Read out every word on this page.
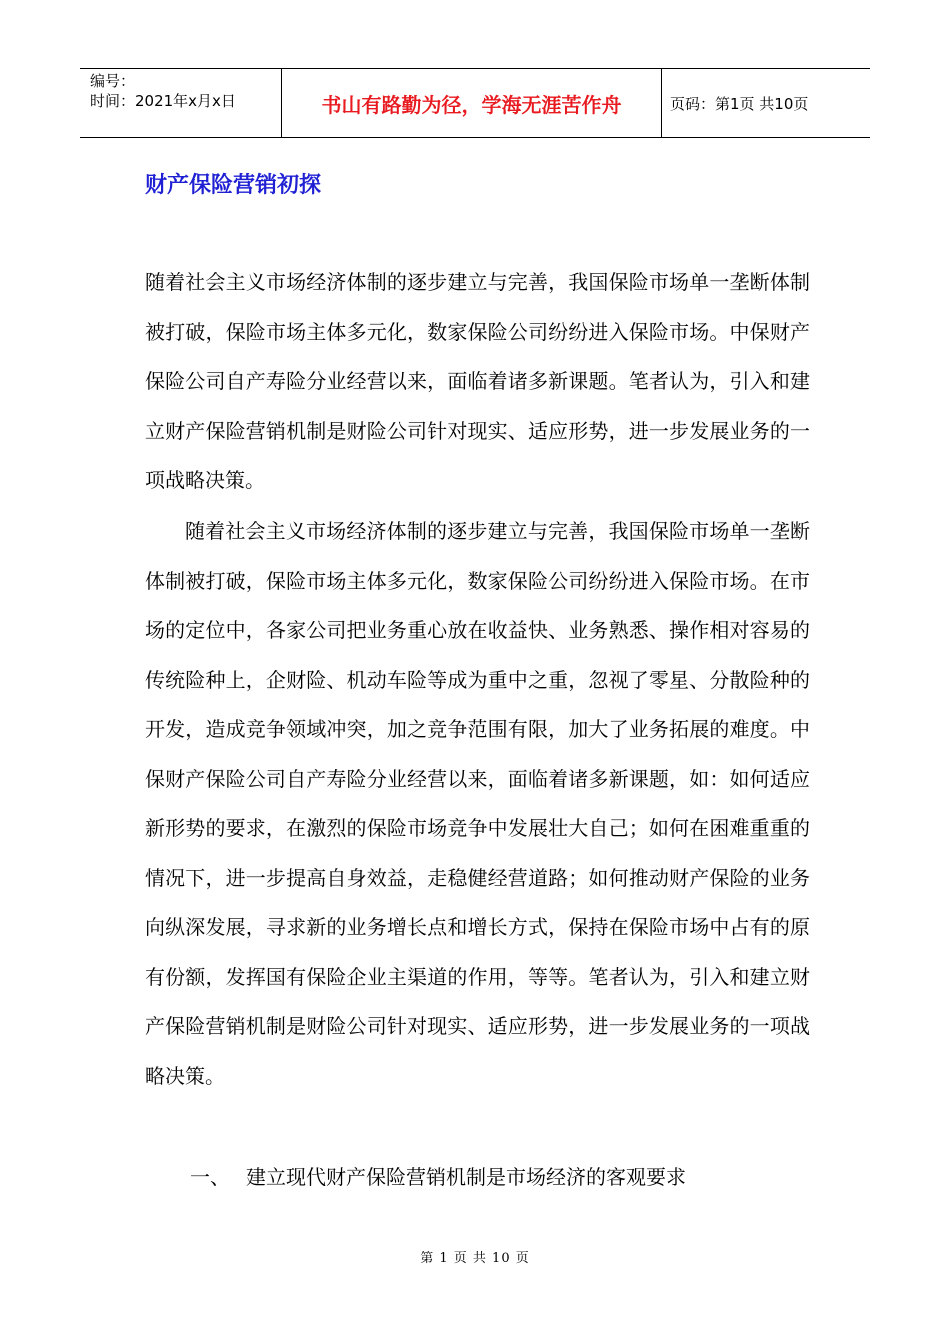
编号：
时间：2021年x月x日	书山有路勤为径，学海无涯苦作舟	页码：第1页 共10页
财产保险营销初探

随着社会主义市场经济体制的逐步建立与完善，我国保险市场单一垄断体制被打破，保险市场主体多元化，数家保险公司纷纷进入保险市场。中保财产保险公司自产寿险分业经营以来，面临着诸多新课题。笔者认为，引入和建立财产保险营销机制是财险公司针对现实、适应形势，进一步发展业务的一项战略决策。

随着社会主义市场经济体制的逐步建立与完善，我国保险市场单一垄断体制被打破，保险市场主体多元化，数家保险公司纷纷进入保险市场。在市场的定位中，各家公司把业务重心放在收益快、业务熟悉、操作相对容易的传统险种上，企财险、机动车险等成为重中之重，忽视了零星、分散险种的开发，造成竞争领域冲突，加之竞争范围有限，加大了业务拓展的难度。中保财产保险公司自产寿险分业经营以来，面临着诸多新课题，如：如何适应新形势的要求，在激烈的保险市场竞争中发展壮大自己；如何在困难重重的情况下，进一步提高自身效益，走稳健经营道路；如何推动财产保险的业务向纵深发展，寻求新的业务增长点和增长方式，保持在保险市场中占有的原有份额，发挥国有保险企业主渠道的作用，等等。笔者认为，引入和建立财产保险营销机制是财险公司针对现实、适应形势，进一步发展业务的一项战略决策。

一、 建立现代财产保险营销机制是市场经济的客观要求
第 1 页 共 10 页
